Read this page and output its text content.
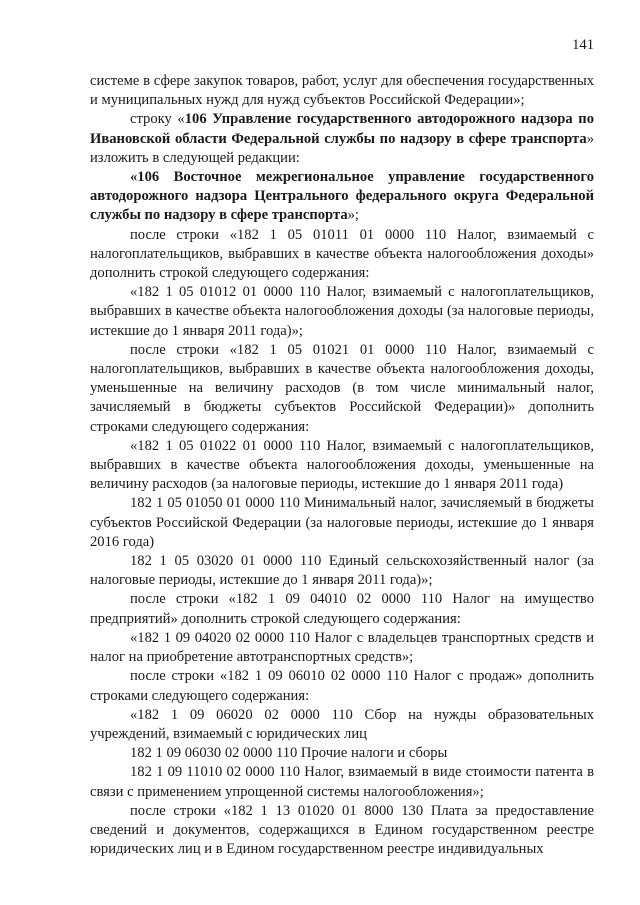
141

системе в сфере закупок товаров, работ, услуг для обеспечения государственных и муниципальных нужд для нужд субъектов Российской Федерации»;

строку «106 Управление государственного автодорожного надзора по Ивановской области Федеральной службы по надзору в сфере транспорта» изложить в следующей редакции:

«106 Восточное межрегиональное управление государственного автодорожного надзора Центрального федерального округа Федеральной службы по надзору в сфере транспорта»;

после строки «182 1 05 01011 01 0000 110 Налог, взимаемый с налогоплательщиков, выбравших в качестве объекта налогообложения доходы» дополнить строкой следующего содержания:

«182 1 05 01012 01 0000 110 Налог, взимаемый с налогоплательщиков, выбравших в качестве объекта налогообложения доходы (за налоговые периоды, истекшие до 1 января 2011 года)»;

после строки «182 1 05 01021 01 0000 110 Налог, взимаемый с налогоплательщиков, выбравших в качестве объекта налогообложения доходы, уменьшенные на величину расходов (в том числе минимальный налог, зачисляемый в бюджеты субъектов Российской Федерации)» дополнить строками следующего содержания:

«182 1 05 01022 01 0000 110 Налог, взимаемый с налогоплательщиков, выбравших в качестве объекта налогообложения доходы, уменьшенные на величину расходов (за налоговые периоды, истекшие до 1 января 2011 года)

182 1 05 01050 01 0000 110 Минимальный налог, зачисляемый в бюджеты субъектов Российской Федерации (за налоговые периоды, истекшие до 1 января 2016 года)

182 1 05 03020 01 0000 110 Единый сельскохозяйственный налог (за налоговые периоды, истекшие до 1 января 2011 года)»;

после строки «182 1 09 04010 02 0000 110 Налог на имущество предприятий» дополнить строкой следующего содержания:

«182 1 09 04020 02 0000 110 Налог с владельцев транспортных средств и налог на приобретение автотранспортных средств»;

после строки «182 1 09 06010 02 0000 110 Налог с продаж» дополнить строками следующего содержания:

«182 1 09 06020 02 0000 110 Сбор на нужды образовательных учреждений, взимаемый с юридических лиц

182 1 09 06030 02 0000 110 Прочие налоги и сборы

182 1 09 11010 02 0000 110 Налог, взимаемый в виде стоимости патента в связи с применением упрощенной системы налогообложения»;

после строки «182 1 13 01020 01 8000 130 Плата за предоставление сведений и документов, содержащихся в Едином государственном реестре юридических лиц и в Едином государственном реестре индивидуальных
